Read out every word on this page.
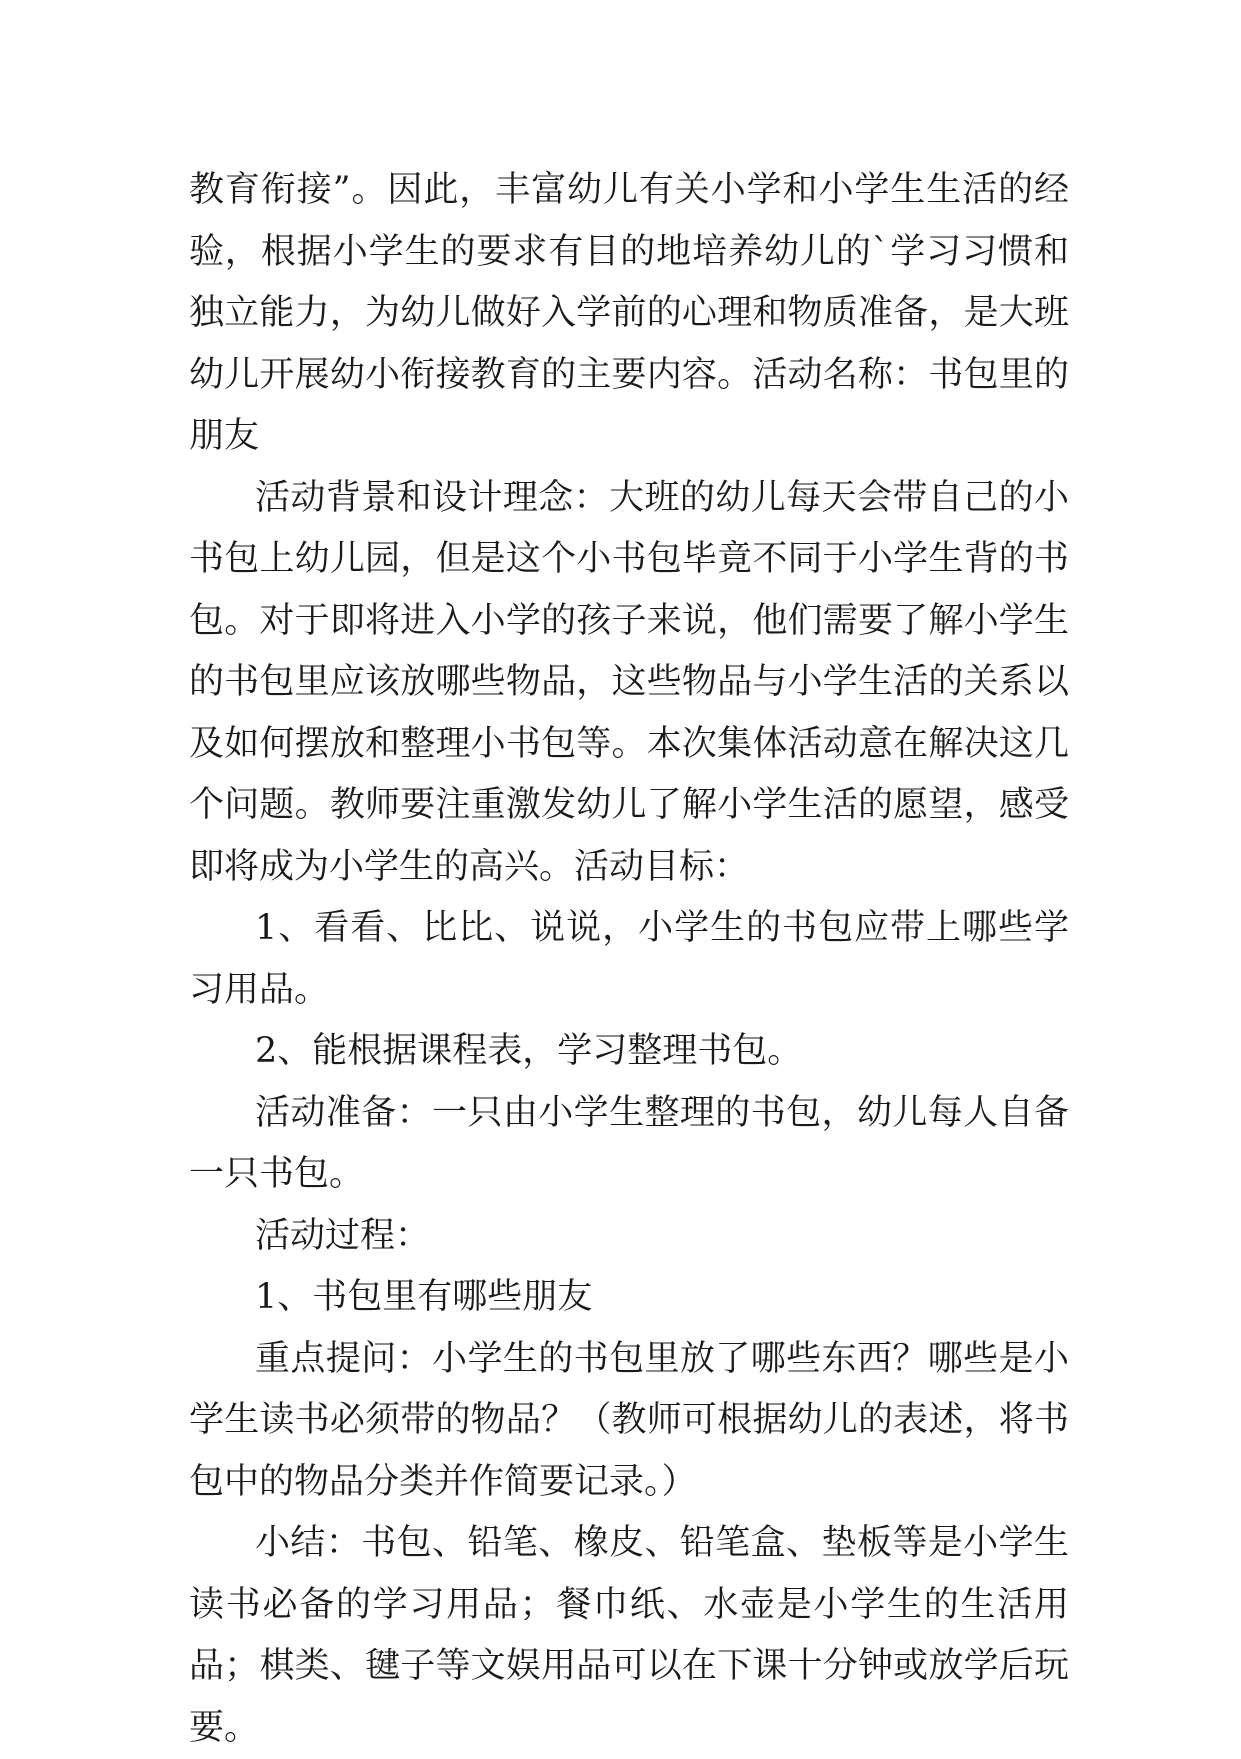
教育衔接”。因此，丰富幼儿有关小学和小学生生活的经验，根据小学生的要求有目的地培养幼儿的`学习习惯和独立能力，为幼儿做好入学前的心理和物质准备，是大班幼儿开展幼小衔接教育的主要内容。活动名称：书包里的朋友

活动背景和设计理念：大班的幼儿每天会带自己的小书包上幼儿园，但是这个小书包毕竟不同于小学生背的书包。对于即将进入小学的孩子来说，他们需要了解小学生的书包里应该放哪些物品，这些物品与小学生活的关系以及如何摆放和整理小书包等。本次集体活动意在解决这几个问题。教师要注重激发幼儿了解小学生活的愿望，感受即将成为小学生的高兴。活动目标：

1、看看、比比、说说，小学生的书包应带上哪些学习用品。

2、能根据课程表，学习整理书包。

活动准备：一只由小学生整理的书包，幼儿每人自备一只书包。

活动过程：

1、书包里有哪些朋友

重点提问：小学生的书包里放了哪些东西？哪些是小学生读书必须带的物品？（教师可根据幼儿的表述，将书包中的物品分类并作简要记录。）

小结：书包、铅笔、橡皮、铅笔盒、垫板等是小学生读书必备的学习用品；餐巾纸、水壶是小学生的生活用品；棋类、毽子等文娱用品可以在下课十分钟或放学后玩要。
